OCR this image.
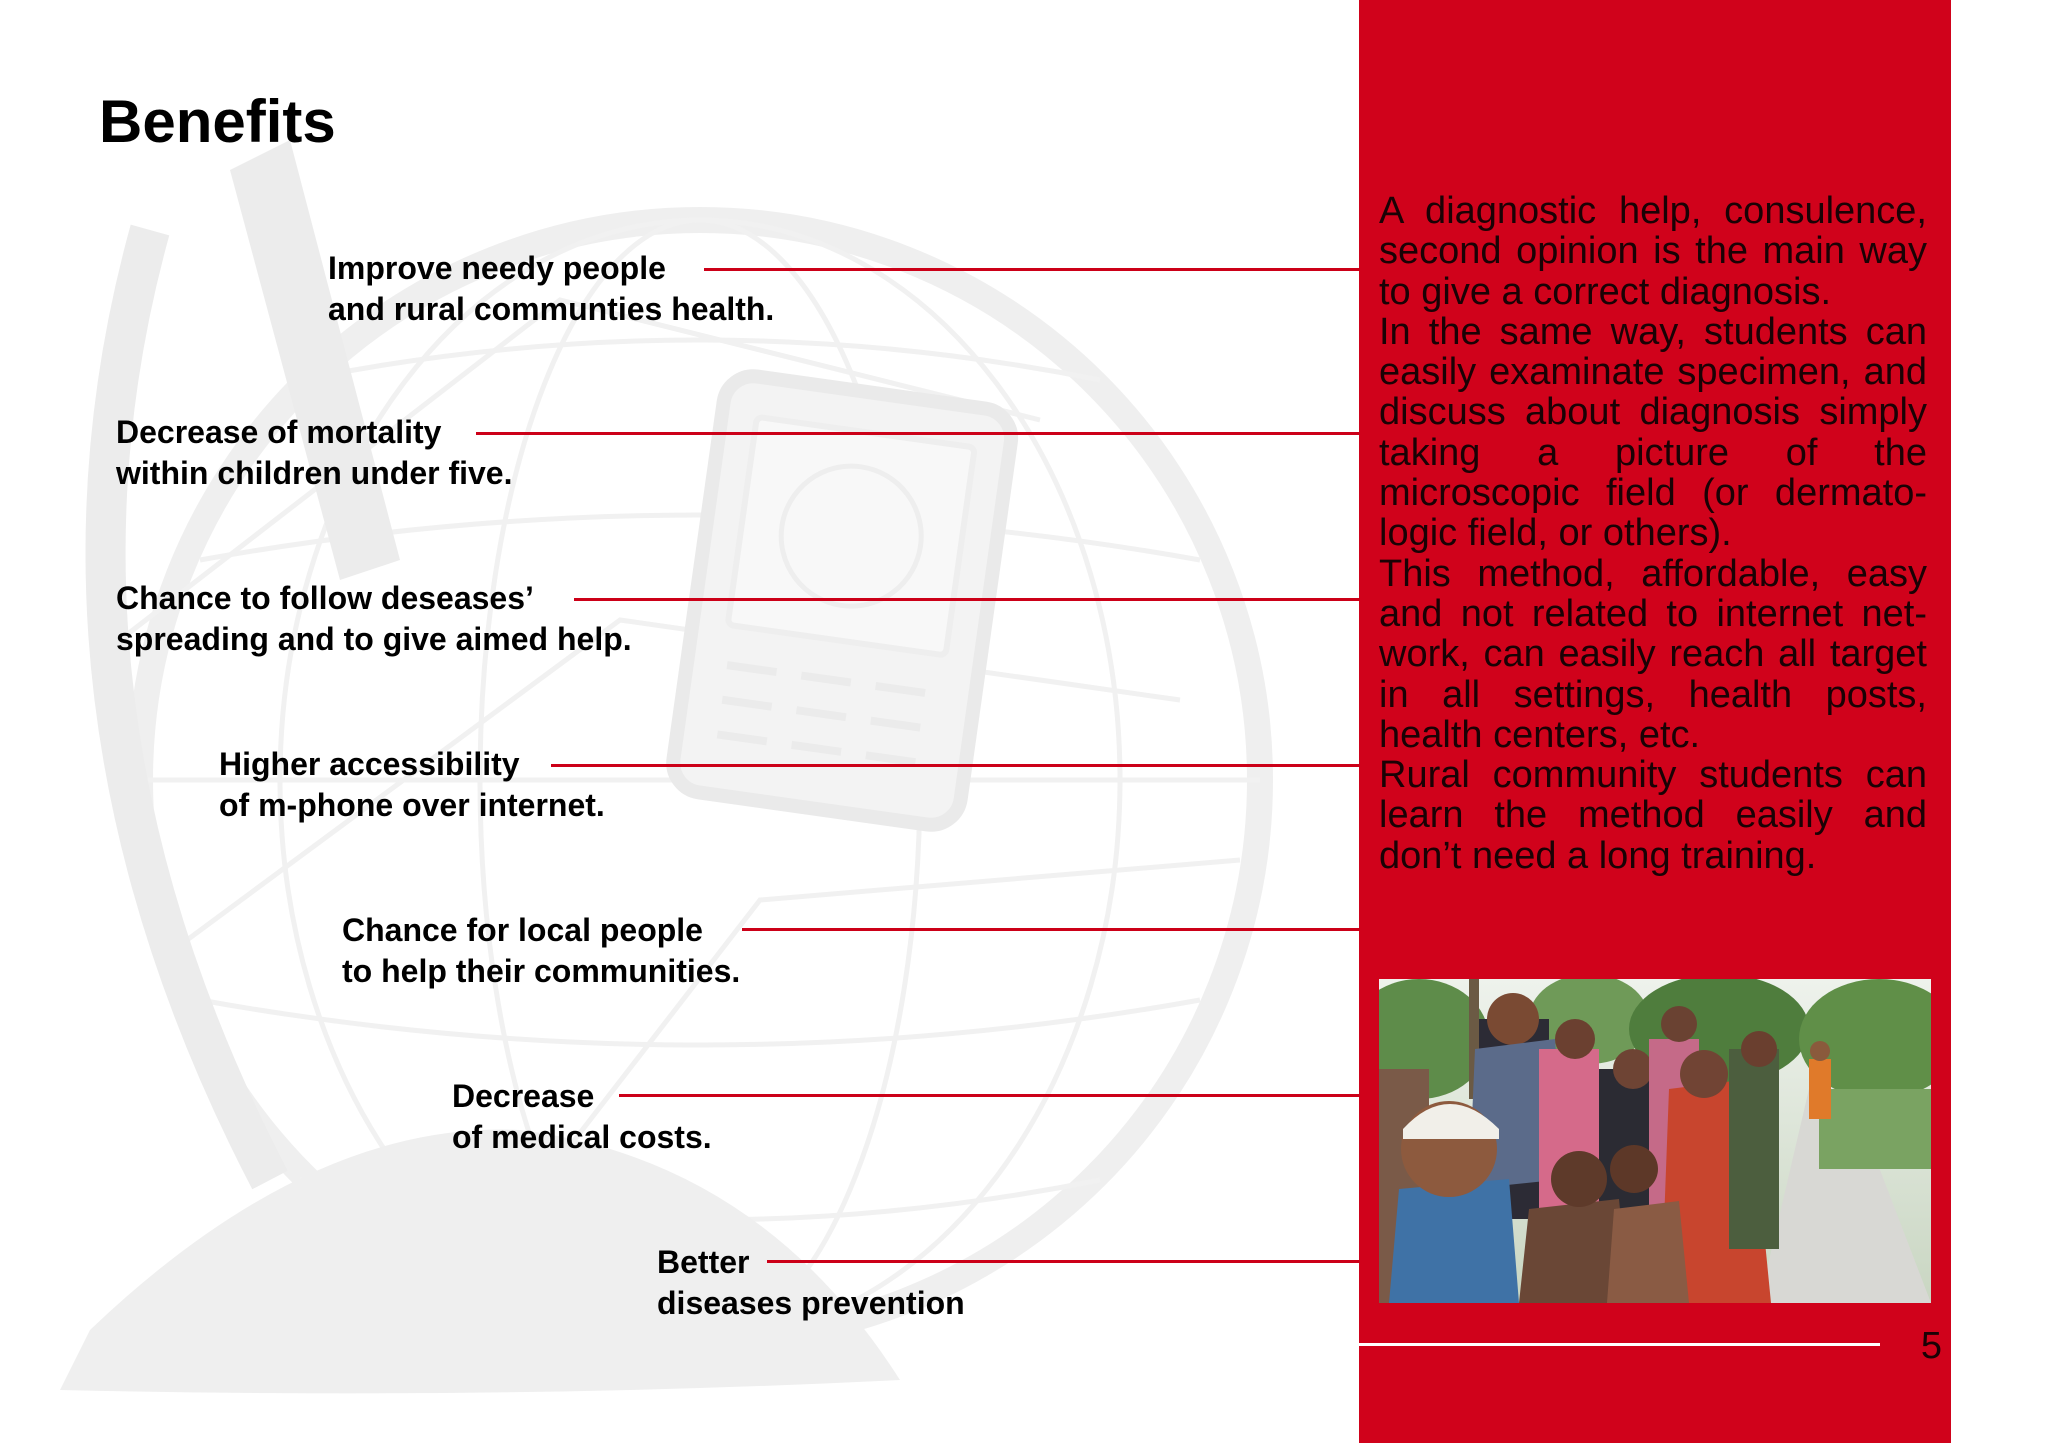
Benefits
Improve needy people
and rural communties health.
Decrease of mortality
within children under five.
Chance to follow deseases’
spreading and to give aimed help.
Higher accessibility
of m-phone over internet.
Chance for local people
to help their communities.
Decrease
of medical costs.
Better
diseases prevention
A diagnostic help, consulence, second opinion is the main way to give a correct diagnosis.
In the same way, students can easily examinate specimen, and discuss about diagnosis simply taking a picture of the microscopic field (or dermatologic field, or others).
This method, affordable, easy and not related to internet network, can easily reach all target in all settings, health posts, health centers, etc.
Rural community students can learn the method easily and don’t need a long training.
5
